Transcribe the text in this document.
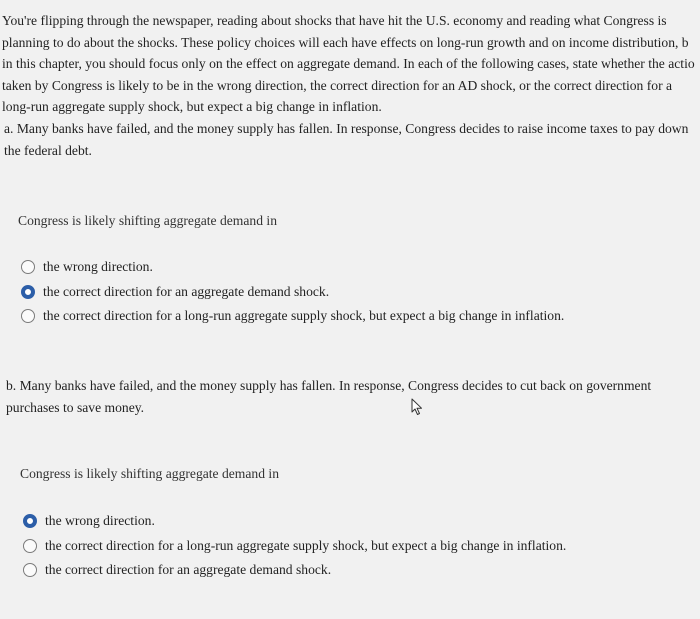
You're flipping through the newspaper, reading about shocks that have hit the U.S. economy and reading what Congress is
planning to do about the shocks. These policy choices will each have effects on long-run growth and on income distribution, b
in this chapter, you should focus only on the effect on aggregate demand. In each of the following cases, state whether the actio
taken by Congress is likely to be in the wrong direction, the correct direction for an AD shock, or the correct direction for a
long-run aggregate supply shock, but expect a big change in inflation.
a. Many banks have failed, and the money supply has fallen. In response, Congress decides to raise income taxes to pay down
the federal debt.
Congress is likely shifting aggregate demand in
the wrong direction.
the correct direction for an aggregate demand shock.
the correct direction for a long-run aggregate supply shock, but expect a big change in inflation.
b. Many banks have failed, and the money supply has fallen. In response, Congress decides to cut back on government
purchases to save money.
Congress is likely shifting aggregate demand in
the wrong direction.
the correct direction for a long-run aggregate supply shock, but expect a big change in inflation.
the correct direction for an aggregate demand shock.
